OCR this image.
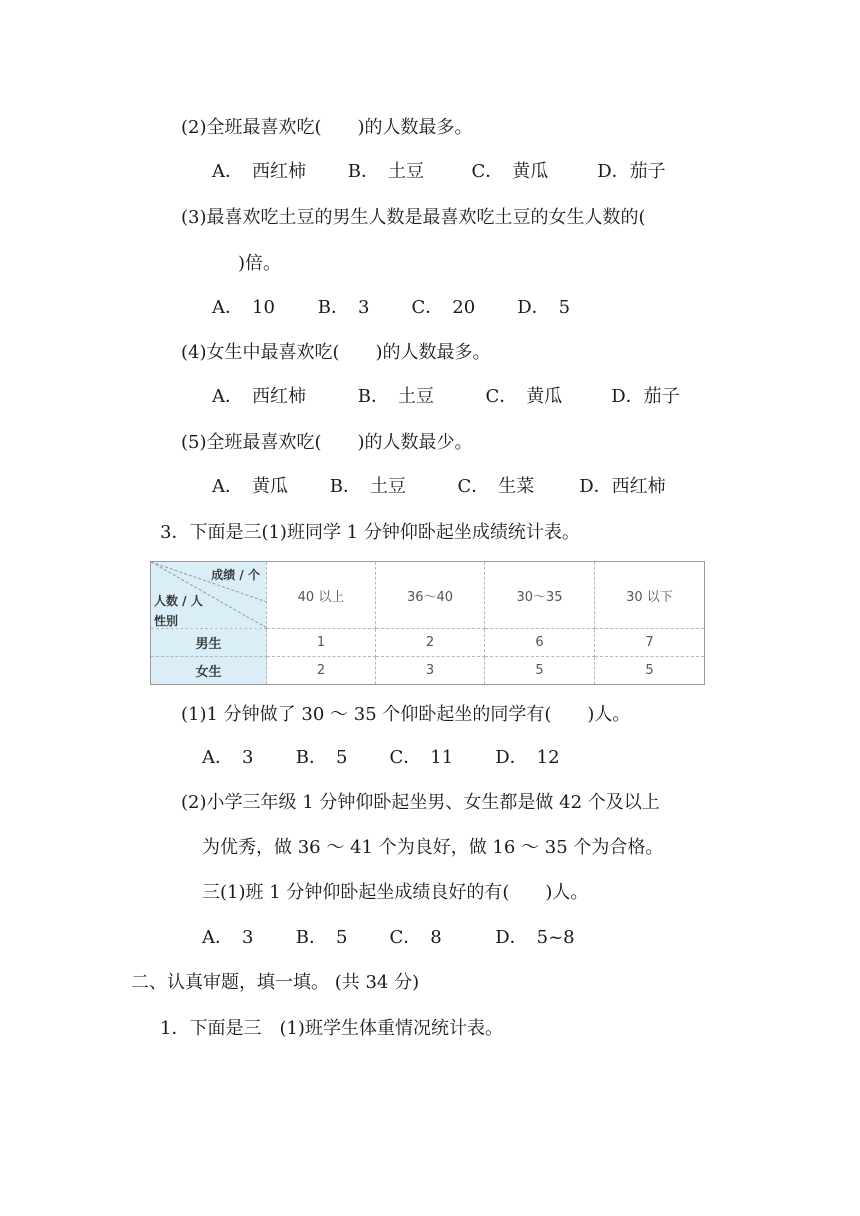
(2)全班最喜欢吃(　　)的人数最多。
A．　西红柿 B．　土豆	C．　黄瓜	D．茄子
(3)最喜欢吃土豆的男生人数是最喜欢吃土豆的女生人数的(
)倍。
A．　10 B．　3 C．　20 D．　5
(4)女生中最喜欢吃(　　)的人数最多。
A．　西红柿	B．　土豆	C．　黄瓜	D．茄子
(5)全班最喜欢吃(　　)的人数最少。
A．　黄瓜 B．　土豆	C．　生菜 D．西红柿
3．下面是三(1)班同学 1 分钟仰卧起坐成绩统计表。
成绩 / 个
人数 / 人
性别	40 以上	36～40	30～35	30 以下
男生	1	2	6	7
女生	2	3	5	5
(1)1 分钟做了 30 ～ 35 个仰卧起坐的同学有(　　)人。
A．　3 B．　5 C．　11 D．　12
(2)小学三年级 1 分钟仰卧起坐男、女生都是做 42 个及以上
为优秀，做 36 ～ 41 个为良好，做 16 ～ 35 个为合格。
三(1)班 1 分钟仰卧起坐成绩良好的有(　　)人。
A．　3 B．　5 C．　8	D．　5~8
二、认真审题，填一填。 (共 34 分)
1．下面是三　(1)班学生体重情况统计表。
